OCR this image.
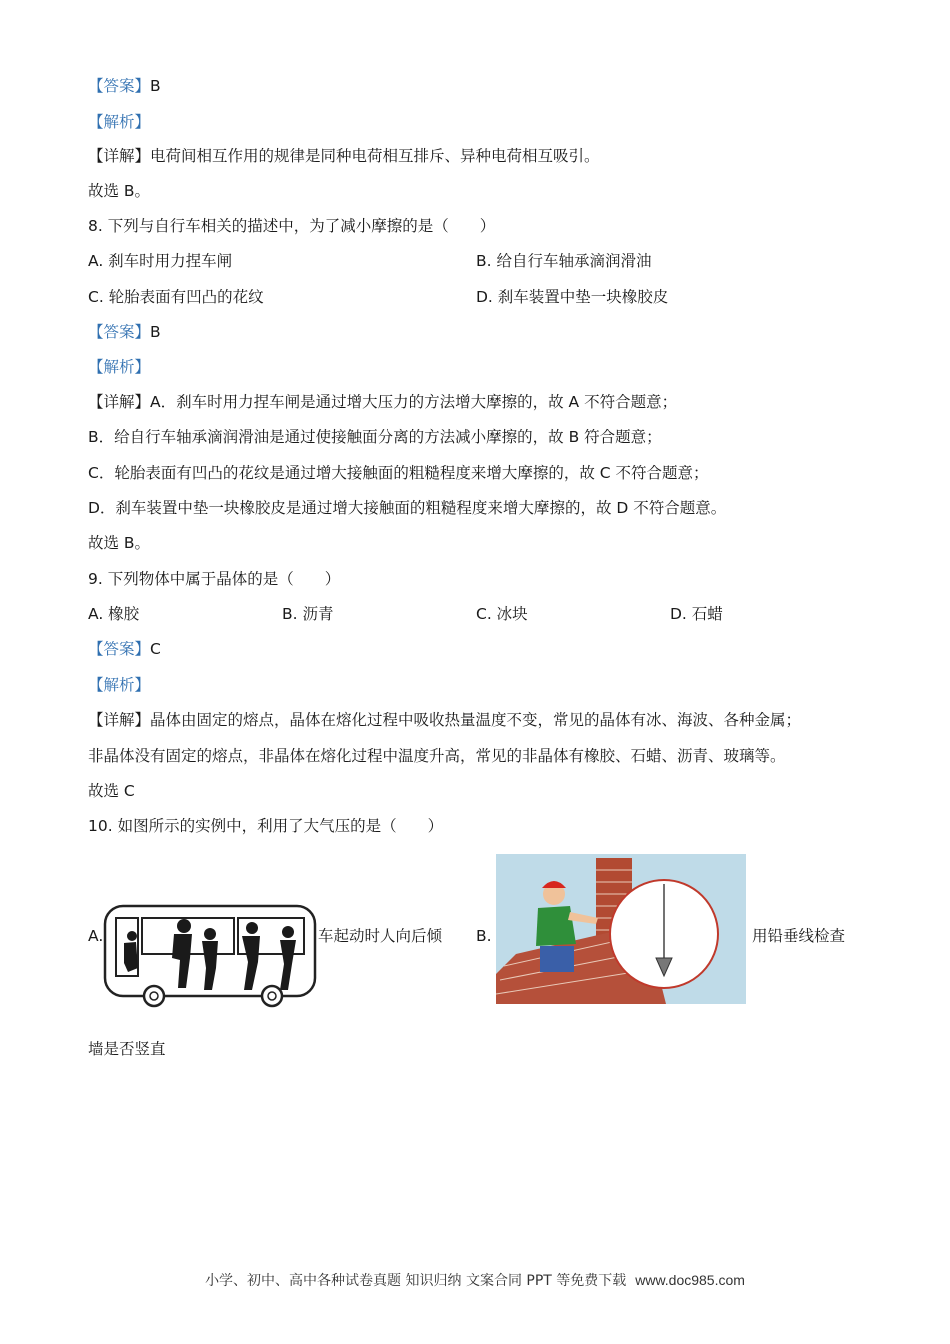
【答案】B
【解析】
【详解】电荷间相互作用的规律是同种电荷相互排斥、异种电荷相互吸引。
故选 B。
8. 下列与自行车相关的描述中，为了减小摩擦的是（　　）
A. 刹车时用力捏车闸	B. 给自行车轴承滴润滑油
C. 轮胎表面有凹凸的花纹	D. 刹车装置中垫一块橡胶皮
【答案】B
【解析】
【详解】A．刹车时用力捏车闸是通过增大压力的方法增大摩擦的，故 A 不符合题意；
B．给自行车轴承滴润滑油是通过使接触面分离的方法减小摩擦的，故 B 符合题意；
C．轮胎表面有凹凸的花纹是通过增大接触面的粗糙程度来增大摩擦的，故 C 不符合题意；
D．刹车装置中垫一块橡胶皮是通过增大接触面的粗糙程度来增大摩擦的，故 D 不符合题意。
故选 B。
9. 下列物体中属于晶体的是（　　）
A. 橡胶	B. 沥青	C. 冰块	D. 石蜡
【答案】C
【解析】
【详解】晶体由固定的熔点，晶体在熔化过程中吸收热量温度不变，常见的晶体有冰、海波、各种金属；
非晶体没有固定的熔点，非晶体在熔化过程中温度升高，常见的非晶体有橡胶、石蜡、沥青、玻璃等。
故选 C
10. 如图所示的实例中，利用了大气压的是（　　）
A.	车起动时人向后倾 B.	用铅垂线检查
墙是否竖直
小学、初中、高中各种试卷真题 知识归纳 文案合同 PPT 等免费下载 www.doc985.com
